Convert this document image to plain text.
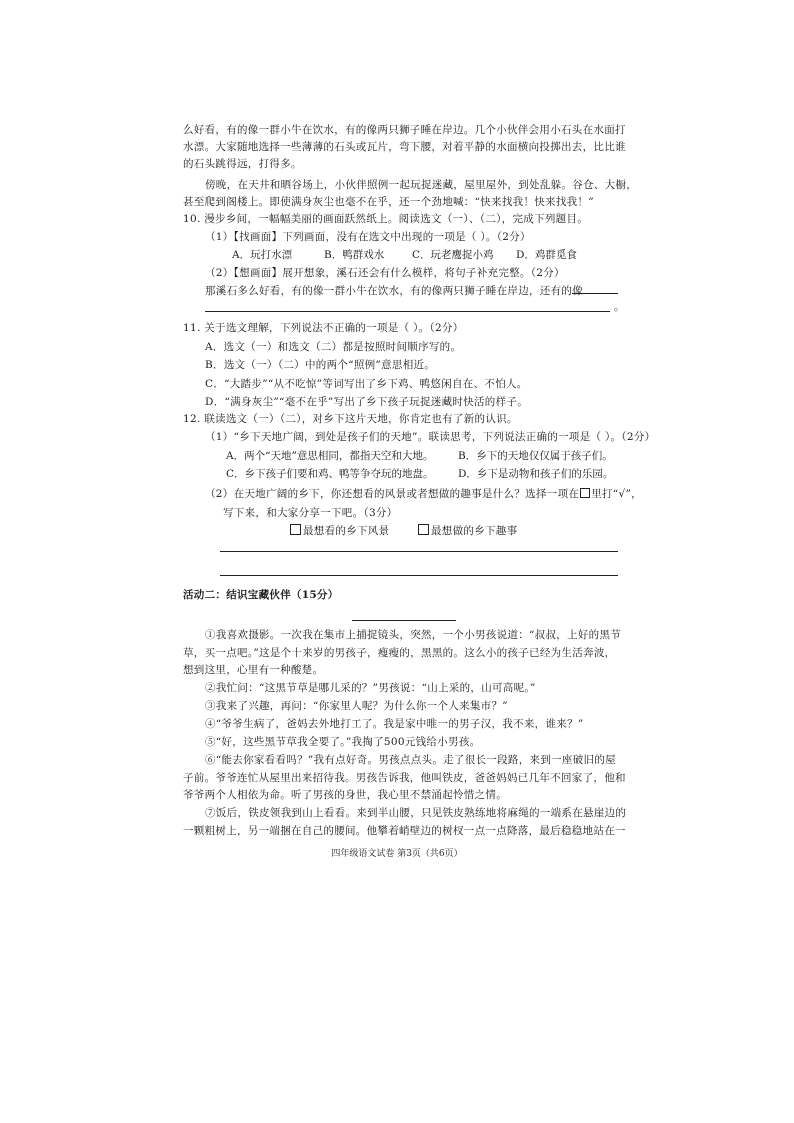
么好看，有的像一群小牛在饮水，有的像两只狮子睡在岸边。几个小伙伴会用小石头在水面打
水漂。大家随地选择一些薄薄的石头或瓦片，弯下腰，对着平静的水面横向投掷出去，比比谁
的石头跳得远，打得多。
傍晚，在天井和晒谷场上，小伙伴照例一起玩捉迷藏，屋里屋外，到处乱躲。谷仓、大橱，
甚至爬到阁楼上。即使满身灰尘也毫不在乎，还一个劲地喊：“快来找我！快来找我！”
10. 漫步乡间，一幅幅美丽的画面跃然纸上。阅读选文（一）、（二），完成下列题目。
（1）【找画面】下列画面，没有在选文中出现的一项是（ ）。（2分）
A．玩打水漂	B．鸭群戏水	C．玩老鹰捉小鸡 D．鸡群觅食
（2）【想画面】展开想象，溪石还会有什么模样，将句子补充完整。（2分）
那溪石多么好看，有的像一群小牛在饮水，有的像两只狮子睡在岸边，还有的像
。
11. 关于选文理解，下列说法不正确的一项是（ ）。（2分）
A．选文（一）和选文（二）都是按照时间顺序写的。
B．选文（一）（二）中的两个“照例”意思相近。
C．“大踏步”“从不吃惊”等词写出了乡下鸡、鸭悠闲自在、不怕人。
D．“满身灰尘”“毫不在乎”写出了乡下孩子玩捉迷藏时快活的样子。
12. 联读选文（一）（二），对乡下这片天地，你肯定也有了新的认识。
（1）“乡下天地广阔，到处是孩子们的天地”。联读思考，下列说法正确的一项是（ ）。（2分）
A．两个“天地”意思相同，都指天空和大地。 B．乡下的天地仅仅属于孩子们。
C．乡下孩子们要和鸡、鸭等争夺玩的地盘。 D．乡下是动物和孩子们的乐园。
（2）在天地广阔的乡下，你还想看的风景或者想做的趣事是什么？选择一项在 里打“√”，
写下来，和大家分享一下吧。（3分）
最想看的乡下风景	最想做的乡下趣事
活动二：结识宝藏伙伴（15分）
①我喜欢摄影。一次我在集市上捕捉镜头，突然，一个小男孩说道：“叔叔，上好的黑节
草，买一点吧。”这是个十来岁的男孩子，瘦瘦的，黑黑的。这么小的孩子已经为生活奔波，
想到这里，心里有一种酸楚。
②我忙问：“这黑节草是哪儿采的？”男孩说：“山上采的，山可高呢。”
③我来了兴趣，再问：“你家里人呢？为什么你一个人来集市？”
④“爷爷生病了，爸妈去外地打工了。我是家中唯一的男子汉，我不来，谁来？”
⑤“好，这些黑节草我全要了。”我掏了500元钱给小男孩。
⑥“能去你家看看吗？”我有点好奇。男孩点点头。走了很长一段路，来到一座破旧的屋
子前。爷爷连忙从屋里出来招待我。男孩告诉我，他叫铁皮，爸爸妈妈已几年不回家了，他和
爷爷两个人相依为命。听了男孩的身世，我心里不禁涌起怜惜之情。
⑦饭后，铁皮领我到山上看看。来到半山腰，只见铁皮熟练地将麻绳的一端系在悬崖边的
一颗粗树上，另一端捆在自己的腰间。他攀着峭壁边的树杈一点一点降落，最后稳稳地站在一
四年级语文试卷 第3页（共6页）
